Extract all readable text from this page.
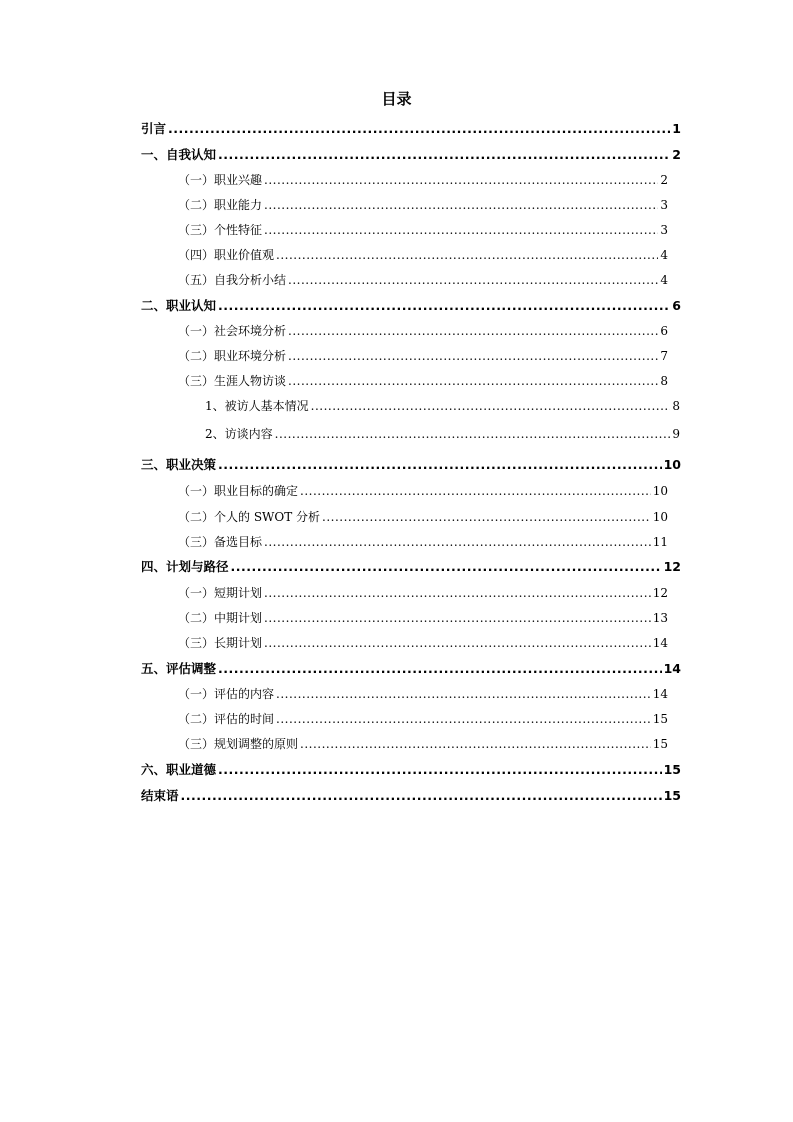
目录
引言 .....	1
一、自我认知 .....	2
（一）职业兴趣 .....	2
（二）职业能力 .....	3
（三）个性特征 .....	3
（四）职业价值观 .....	4
（五）自我分析小结 .....	4
二、职业认知 .....	6
（一）社会环境分析 .....	6
（二）职业环境分析 .....	7
（三）生涯人物访谈 .....	8
1、被访人基本情况 .....	8
2、访谈内容 .....	9
三、职业决策 .....	10
（一）职业目标的确定 .....	10
（二）个人的 SWOT 分析 .....	10
（三）备选目标 .....	11
四、计划与路径 .....	12
（一）短期计划 .....	12
（二）中期计划 .....	13
（三）长期计划 .....	14
五、评估调整 .....	14
（一）评估的内容 .....	14
（二）评估的时间 .....	15
（三）规划调整的原则 .....	15
六、职业道德 .....	15
结束语 .....	15
